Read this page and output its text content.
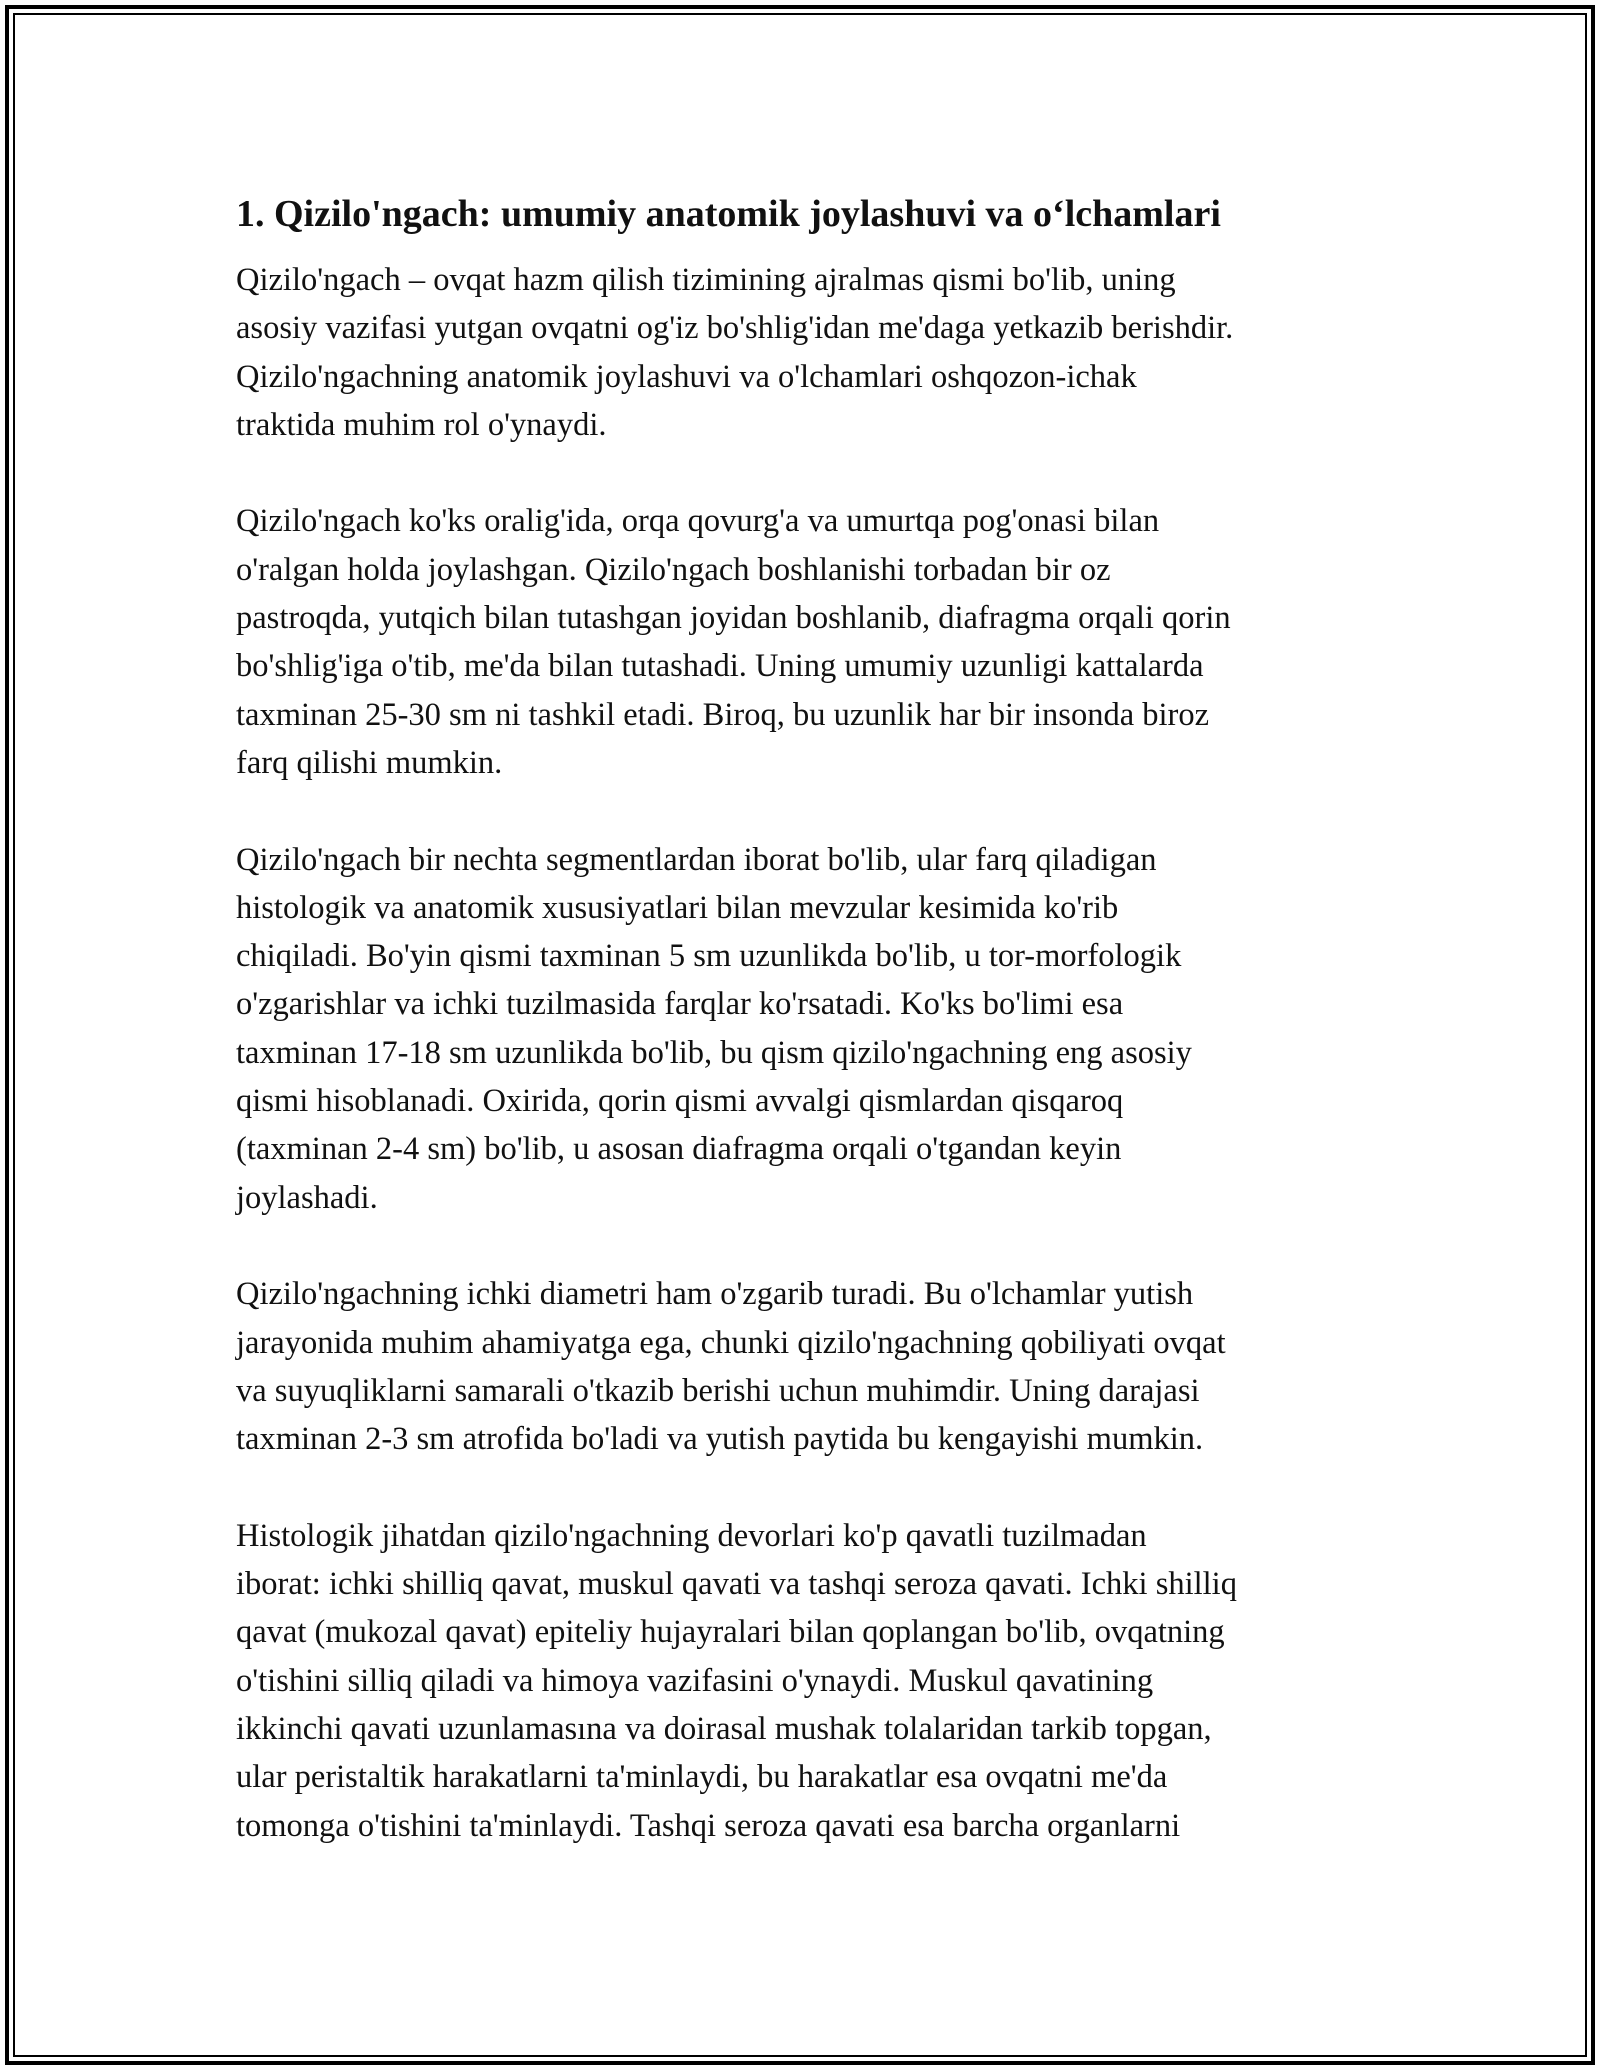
1. Qizilo'ngach: umumiy anatomik joylashuvi va o‘lchamlari

Qizilo'ngach – ovqat hazm qilish tizimining ajralmas qismi bo'lib, uning
asosiy vazifasi yutgan ovqatni og'iz bo'shlig'idan me'daga yetkazib berishdir.
Qizilo'ngachning anatomik joylashuvi va o'lchamlari oshqozon-ichak
traktida muhim rol o'ynaydi.

Qizilo'ngach ko'ks oralig'ida, orqa qovurg'a va umurtqa pog'onasi bilan
o'ralgan holda joylashgan. Qizilo'ngach boshlanishi torbadan bir oz
pastroqda, yutqich bilan tutashgan joyidan boshlanib, diafragma orqali qorin
bo'shlig'iga o'tib, me'da bilan tutashadi. Uning umumiy uzunligi kattalarda
taxminan 25-30 sm ni tashkil etadi. Biroq, bu uzunlik har bir insonda biroz
farq qilishi mumkin.

Qizilo'ngach bir nechta segmentlardan iborat bo'lib, ular farq qiladigan
histologik va anatomik xususiyatlari bilan mevzular kesimida ko'rib
chiqiladi. Bo'yin qismi taxminan 5 sm uzunlikda bo'lib, u tor-morfologik
o'zgarishlar va ichki tuzilmasida farqlar ko'rsatadi. Ko'ks bo'limi esa
taxminan 17-18 sm uzunlikda bo'lib, bu qism qizilo'ngachning eng asosiy
qismi hisoblanadi. Oxirida, qorin qismi avvalgi qismlardan qisqaroq
(taxminan 2-4 sm) bo'lib, u asosan diafragma orqali o'tgandan keyin
joylashadi.

Qizilo'ngachning ichki diametri ham o'zgarib turadi. Bu o'lchamlar yutish
jarayonida muhim ahamiyatga ega, chunki qizilo'ngachning qobiliyati ovqat
va suyuqliklarni samarali o'tkazib berishi uchun muhimdir. Uning darajasi
taxminan 2-3 sm atrofida bo'ladi va yutish paytida bu kengayishi mumkin.

Histologik jihatdan qizilo'ngachning devorlari ko'p qavatli tuzilmadan
iborat: ichki shilliq qavat, muskul qavati va tashqi seroza qavati. Ichki shilliq
qavat (mukozal qavat) epiteliy hujayralari bilan qoplangan bo'lib, ovqatning
o'tishini silliq qiladi va himoya vazifasini o'ynaydi. Muskul qavatining
ikkinchi qavati uzunlamasına va doirasal mushak tolalaridan tarkib topgan,
ular peristaltik harakatlarni ta'minlaydi, bu harakatlar esa ovqatni me'da
tomonga o'tishini ta'minlaydi. Tashqi seroza qavati esa barcha organlarni
